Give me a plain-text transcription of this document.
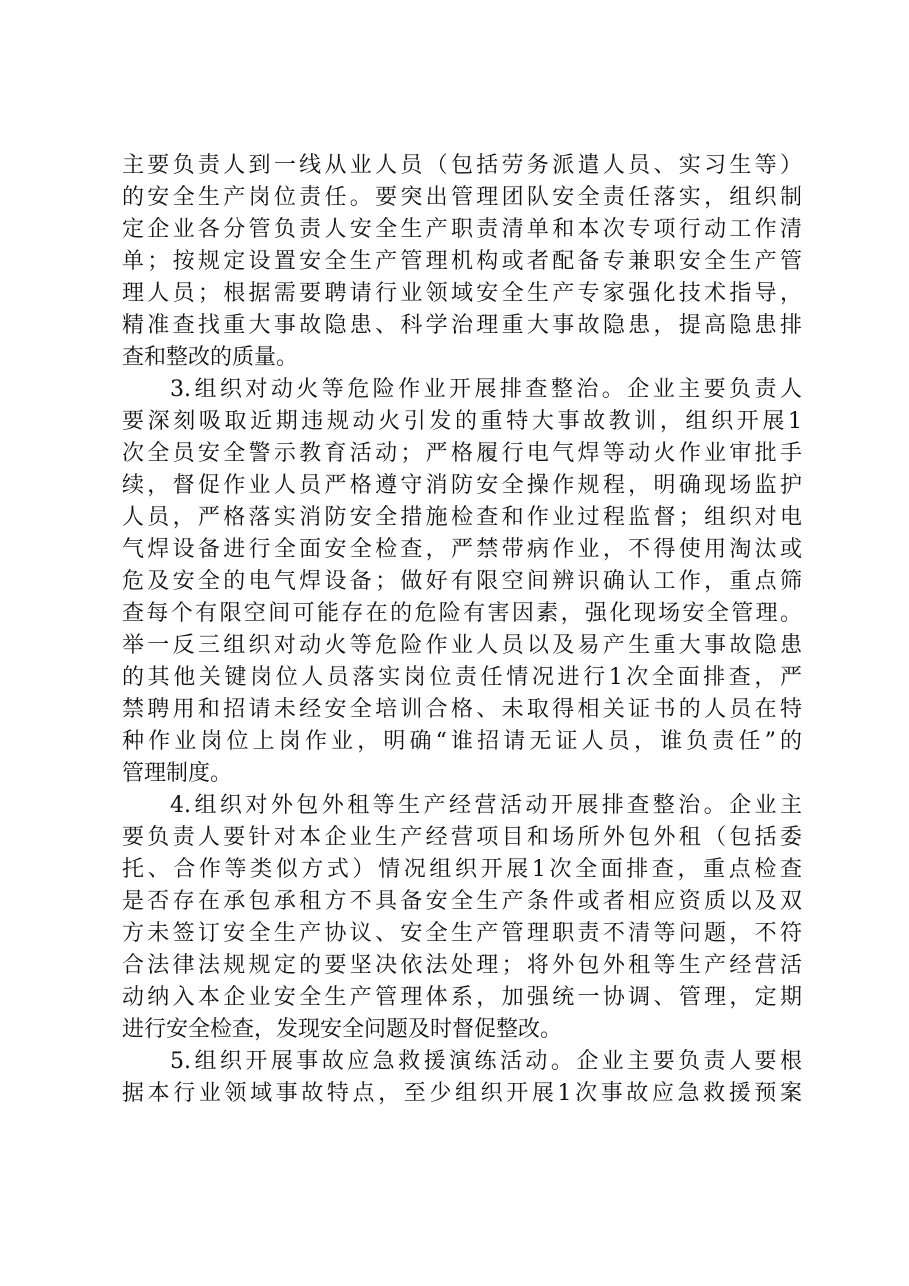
主要负责人到一线从业人员（包括劳务派遣人员、实习生等）
的安全生产岗位责任。要突出管理团队安全责任落实，组织制
定企业各分管负责人安全生产职责清单和本次专项行动工作清
单；按规定设置安全生产管理机构或者配备专兼职安全生产管
理人员；根据需要聘请行业领域安全生产专家强化技术指导，
精准查找重大事故隐患、科学治理重大事故隐患，提高隐患排
查和整改的质量。
3.组织对动火等危险作业开展排查整治。企业主要负责人
要深刻吸取近期违规动火引发的重特大事故教训，组织开展1
次全员安全警示教育活动；严格履行电气焊等动火作业审批手
续，督促作业人员严格遵守消防安全操作规程，明确现场监护
人员，严格落实消防安全措施检查和作业过程监督；组织对电
气焊设备进行全面安全检查，严禁带病作业，不得使用淘汰或
危及安全的电气焊设备；做好有限空间辨识确认工作，重点筛
查每个有限空间可能存在的危险有害因素，强化现场安全管理。
举一反三组织对动火等危险作业人员以及易产生重大事故隐患
的其他关键岗位人员落实岗位责任情况进行1次全面排查，严
禁聘用和招请未经安全培训合格、未取得相关证书的人员在特
种作业岗位上岗作业，明确“谁招请无证人员，谁负责任”的
管理制度。
4.组织对外包外租等生产经营活动开展排查整治。企业主
要负责人要针对本企业生产经营项目和场所外包外租（包括委
托、合作等类似方式）情况组织开展1次全面排查，重点检查
是否存在承包承租方不具备安全生产条件或者相应资质以及双
方未签订安全生产协议、安全生产管理职责不清等问题，不符
合法律法规规定的要坚决依法处理；将外包外租等生产经营活
动纳入本企业安全生产管理体系，加强统一协调、管理，定期
进行安全检查，发现安全问题及时督促整改。
5.组织开展事故应急救援演练活动。企业主要负责人要根
据本行业领域事故特点，至少组织开展1次事故应急救援预案
